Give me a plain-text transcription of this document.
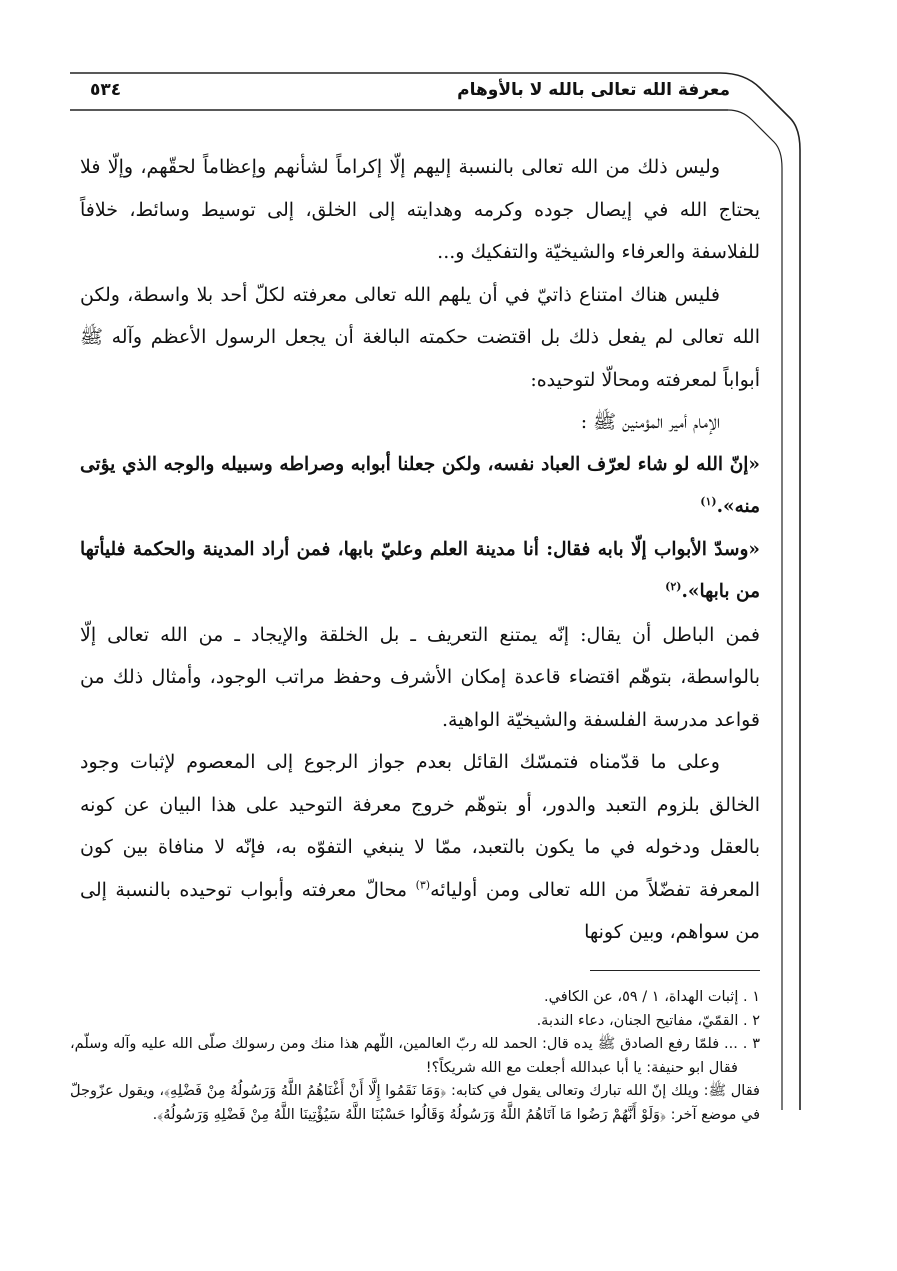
معرفة الله تعالى بالله لا بالأوهام
٥٣٤

وليس ذلك من الله تعالى بالنسبة إليهم إلّا إكراماً لشأنهم وإعظاماً لحقّهم، وإلّا فلا يحتاج الله في إيصال جوده وكرمه وهدايته إلى الخلق، إلى توسيط وسائط، خلافاً للفلاسفة والعرفاء والشيخيّة والتفكيك و...

فليس هناك امتناع ذاتيّ في أن يلهم الله تعالى معرفته لكلّ أحد بلا واسطة، ولكن الله تعالى لم يفعل ذلك بل اقتضت حكمته البالغة أن يجعل الرسول الأعظم وآله ﷺ أبواباً لمعرفته ومحالّا لتوحيده:

الإمام أمير المؤمنين ﷺ :

«إنّ الله لو شاء لعرّف العباد نفسه، ولكن جعلنا أبوابه وصراطه وسبيله والوجه الذي يؤتى منه».$^{(١)}$

«وسدّ الأبواب إلّا بابه فقال: أنا مدينة العلم وعليّ بابها، فمن أراد المدينة والحكمة فليأتها من بابها».$^{(٢)}$

فمن الباطل أن يقال: إنّه يمتنع التعريف ـ بل الخلقة والإيجاد ـ من الله تعالى إلّا بالواسطة، بتوهّم اقتضاء قاعدة إمكان الأشرف وحفظ مراتب الوجود، وأمثال ذلك من قواعد مدرسة الفلسفة والشيخيّة الواهية.

وعلى ما قدّمناه فتمسّك القائل بعدم جواز الرجوع إلى المعصوم لإثبات وجود الخالق بلزوم التعبد والدور، أو بتوهّم خروج معرفة التوحيد على هذا البيان عن كونه بالعقل ودخوله في ما يكون بالتعبد، ممّا لا ينبغي التفوّه به، فإنّه لا منافاة بين كون المعرفة تفضّلاً من الله تعالى ومن أوليائه$^{(٣)}$ محالّ معرفته وأبواب توحيده بالنسبة إلى من سواهم، وبين كونها

١ . إثبات الهداة، ١ / ٥٩، عن الكافي.

٢ . القمّيّ، مفاتيح الجنان، دعاء الندبة.

٣ . ... فلمّا رفع الصادق ﷺ يده قال: الحمد لله ربّ العالمين، اللّهم هذا منك ومن رسولك صلّى الله عليه وآله وسلّم، فقال ابو حنيفة: يا أبا عبدالله أجعلت مع الله شريكاً؟!

فقال ﷺ: ويلك إنّ الله تبارك وتعالى يقول في كتابه: ﴿وَمَا نَقَمُوا إِلَّا أَنْ أَغْنَاهُمُ اللَّهُ وَرَسُولُهُ مِنْ فَضْلِهِ﴾، ويقول عزّوجلّ في موضع آخر: ﴿وَلَوْ أَنَّهُمْ رَضُوا مَا آتَاهُمُ اللَّهُ وَرَسُولُهُ وَقَالُوا حَسْبُنَا اللَّهُ سَيُؤْتِينَا اللَّهُ مِنْ فَضْلِهِ وَرَسُولُهُ﴾.
